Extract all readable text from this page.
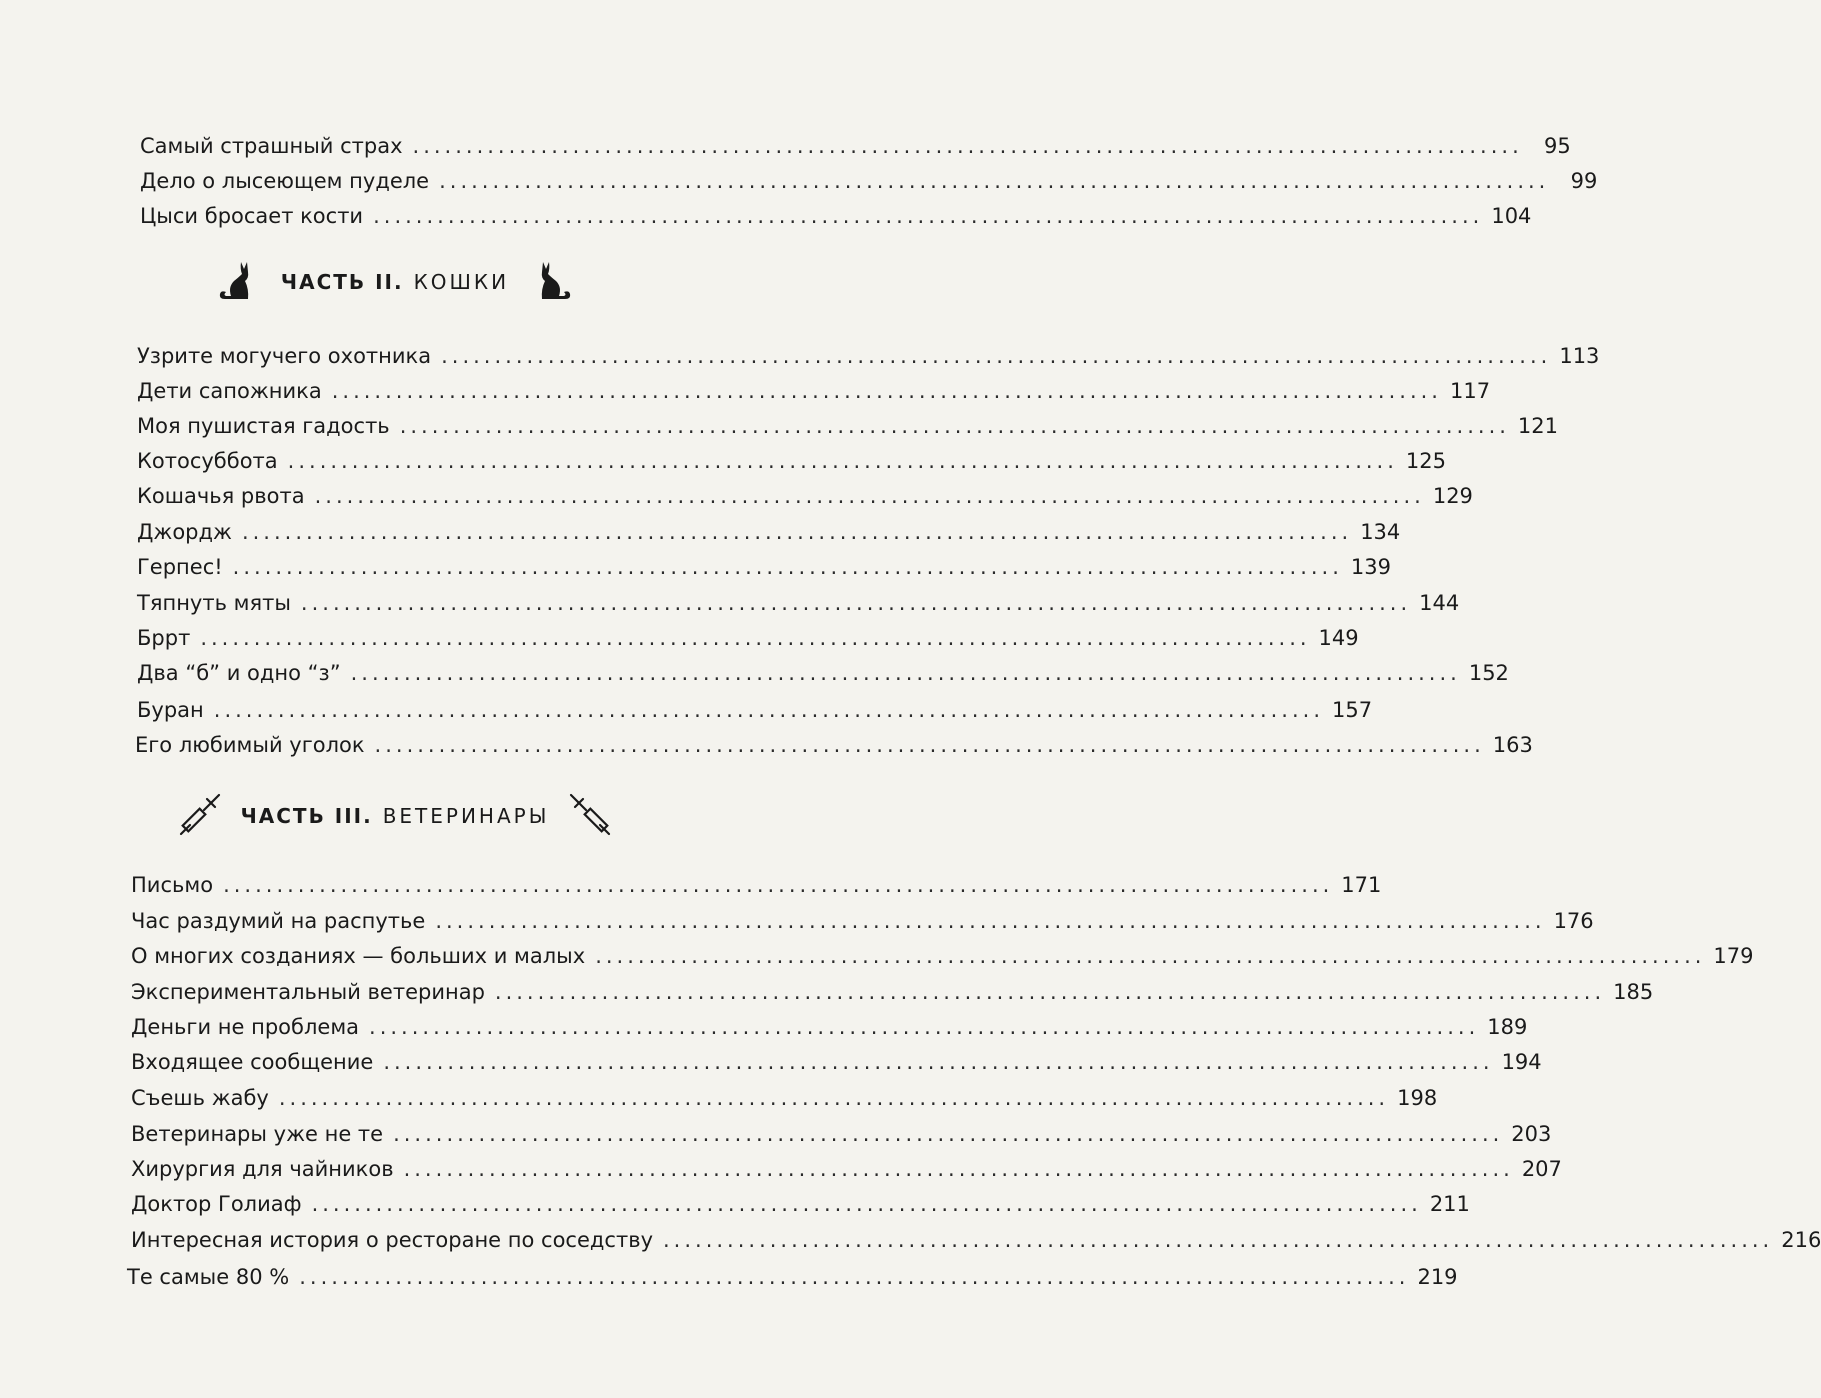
Самый страшный страх ........................................................................................................	95
Дело о лысеющем пуделе ........................................................................................................	99
Цыси бросает кости ........................................................................................................ 104
ЧАСТЬ II. КОШКИ
Узрите могучего охотника ........................................................................................................ 113
Дети сапожника ........................................................................................................ 117
Моя пушистая гадость ........................................................................................................ 121
Котосуббота ........................................................................................................ 125
Кошачья рвота ........................................................................................................ 129
Джордж ........................................................................................................ 134
Герпес! ........................................................................................................ 139
Тяпнуть мяты ........................................................................................................ 144
Бррт ........................................................................................................ 149
Два “б” и одно “з” ........................................................................................................ 152
Буран ........................................................................................................ 157
Его любимый уголок ........................................................................................................ 163
ЧАСТЬ III. ВЕТЕРИНАРЫ
Письмо ........................................................................................................ 171
Час раздумий на распутье ........................................................................................................ 176
О многих созданиях — больших и малых ........................................................................................................ 179
Экспериментальный ветеринар ........................................................................................................ 185
Деньги не проблема ........................................................................................................ 189
Входящее сообщение ........................................................................................................ 194
Съешь жабу ........................................................................................................ 198
Ветеринары уже не те ........................................................................................................ 203
Хирургия для чайников ........................................................................................................ 207
Доктор Голиаф ........................................................................................................ 211
Интересная история о ресторане по соседству ........................................................................................................ 216
Те самые 80 % ........................................................................................................ 219
